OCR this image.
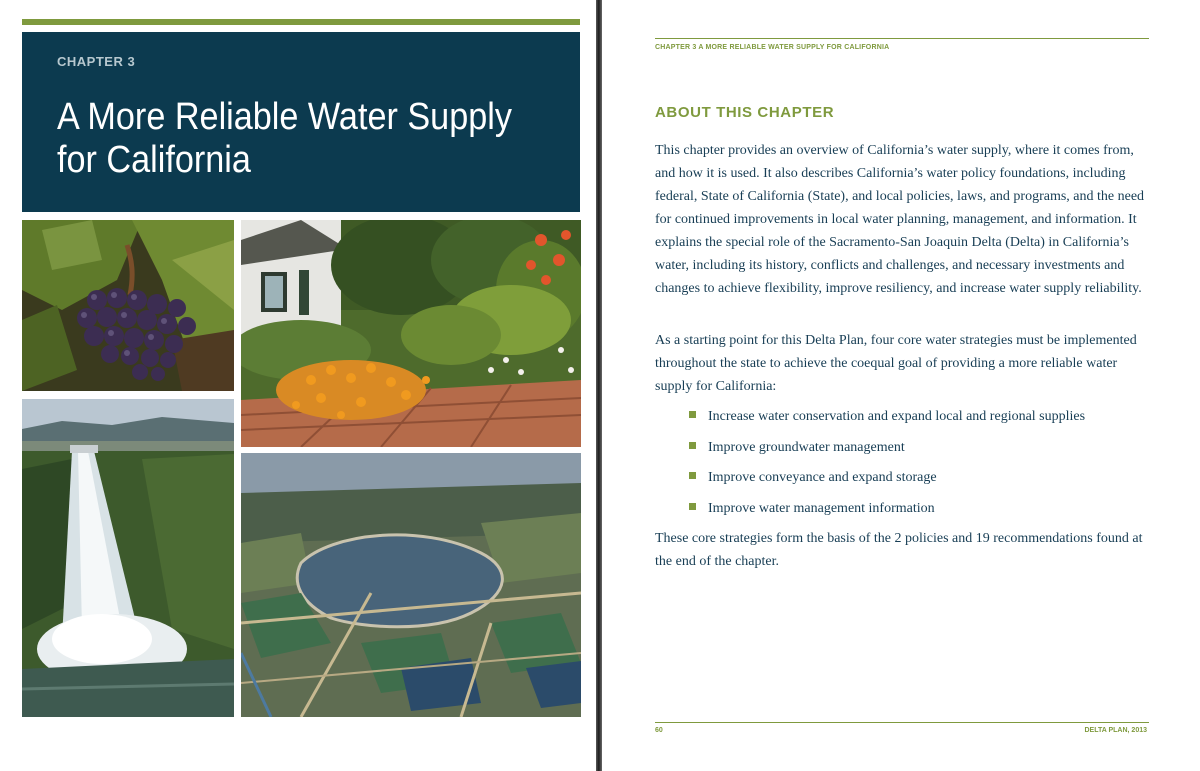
CHAPTER 3
A More Reliable Water Supply for California
CHAPTER 3 A MORE RELIABLE WATER SUPPLY FOR CALIFORNIA
ABOUT THIS CHAPTER

This chapter provides an overview of California’s water supply, where it comes from, and how it is used. It also describes California’s water policy foundations, including federal, State of California (State), and local policies, laws, and programs, and the need for continued improvements in local water planning, management, and information. It explains the special role of the Sacramento-San Joaquin Delta (Delta) in California’s water, including its history, conflicts and challenges, and necessary investments and changes to achieve flexibility, improve resiliency, and increase water supply reliability.

As a starting point for this Delta Plan, four core water strategies must be implemented throughout the state to achieve the coequal goal of providing a more reliable water supply for California:

Increase water conservation and expand local and regional supplies
Improve groundwater management
Improve conveyance and expand storage
Improve water management information

These core strategies form the basis of the 2 policies and 19 recommendations found at the end of the chapter.

60	DELTA PLAN, 2013
